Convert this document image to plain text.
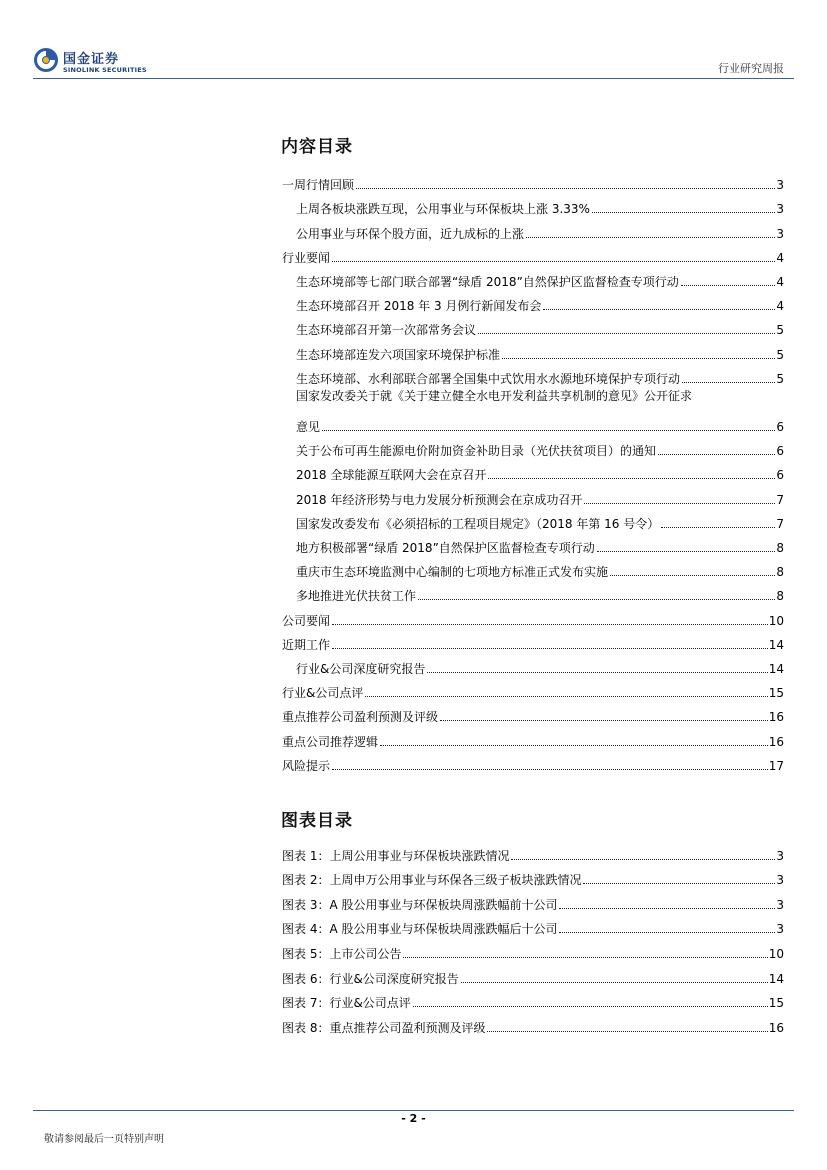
国金证券
SINOLINK SECURITIES	行业研究周报
内容目录
一周行情回顾	3
上周各板块涨跌互现，公用事业与环保板块上涨 3.33%	3
公用事业与环保个股方面，近九成标的上涨	3
行业要闻	4
生态环境部等七部门联合部署“绿盾 2018”自然保护区监督检查专项行动	4
生态环境部召开 2018 年 3 月例行新闻发布会	4
生态环境部召开第一次部常务会议	5
生态环境部连发六项国家环境保护标准	5
生态环境部、水利部联合部署全国集中式饮用水水源地环境保护专项行动	5
国家发改委关于就《关于建立健全水电开发利益共享机制的意见》公开征求
意见	6
关于公布可再生能源电价附加资金补助目录（光伏扶贫项目）的通知	6
2018 全球能源互联网大会在京召开	6
2018 年经济形势与电力发展分析预测会在京成功召开	7
国家发改委发布《必须招标的工程项目规定》（2018 年第 16 号令）	7
地方积极部署“绿盾 2018”自然保护区监督检查专项行动	8
重庆市生态环境监测中心编制的七项地方标准正式发布实施	8
多地推进光伏扶贫工作	8
公司要闻	10
近期工作	14
行业&公司深度研究报告	14
行业&公司点评	15
重点推荐公司盈利预测及评级	16
重点公司推荐逻辑	16
风险提示	17
图表目录
图表 1：上周公用事业与环保板块涨跌情况	3
图表 2：上周申万公用事业与环保各三级子板块涨跌情况	3
图表 3：A 股公用事业与环保板块周涨跌幅前十公司	3
图表 4：A 股公用事业与环保板块周涨跌幅后十公司	3
图表 5：上市公司公告	10
图表 6：行业&公司深度研究报告	14
图表 7：行业&公司点评	15
图表 8：重点推荐公司盈利预测及评级	16
- 2 -
敬请参阅最后一页特别声明
